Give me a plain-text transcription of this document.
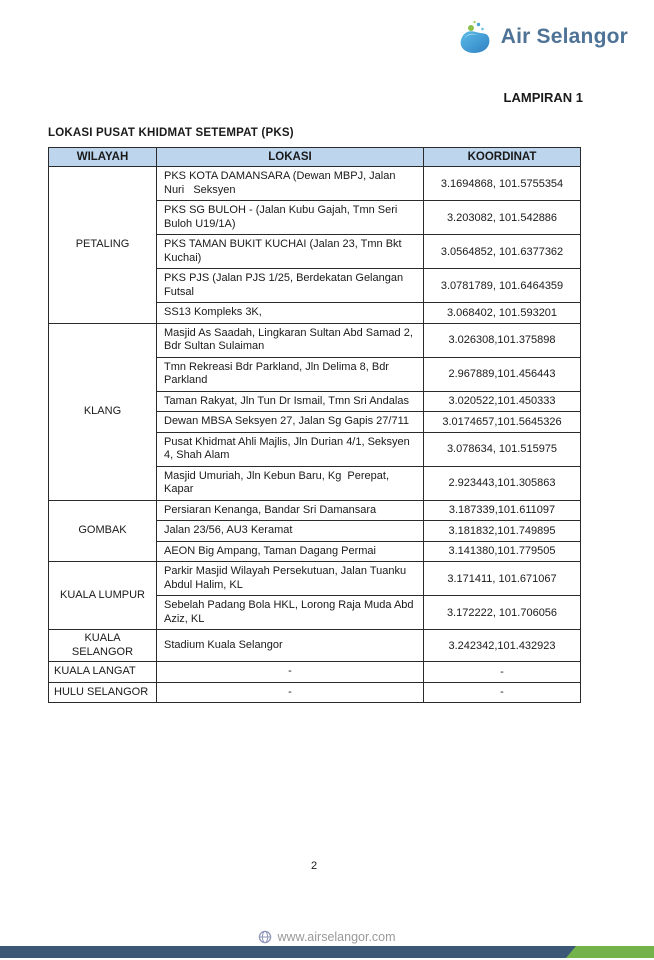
Air Selangor
LAMPIRAN 1
LOKASI PUSAT KHIDMAT SETEMPAT (PKS)
WILAYAH	LOKASI	KOORDINAT
PETALING	PKS KOTA DAMANSARA (Dewan MBPJ, Jalan Nuri   Seksyen	3.1694868, 101.5755354
	PKS SG BULOH - (Jalan Kubu Gajah, Tmn Seri Buloh U19/1A)	3.203082, 101.542886
	PKS TAMAN BUKIT KUCHAI (Jalan 23, Tmn Bkt Kuchai)	3.0564852, 101.6377362
	PKS PJS (Jalan PJS 1/25, Berdekatan Gelangan Futsal	3.0781789, 101.6464359
	SS13 Kompleks 3K,	3.068402, 101.593201
KLANG	Masjid As Saadah, Lingkaran Sultan Abd Samad 2, Bdr Sultan Sulaiman	3.026308,101.375898
	Tmn Rekreasi Bdr Parkland, Jln Delima 8, Bdr Parkland	2.967889,101.456443
	Taman Rakyat, Jln Tun Dr Ismail, Tmn Sri Andalas	3.020522,101.450333
	Dewan MBSA Seksyen 27, Jalan Sg Gapis 27/711	3.0174657,101.5645326
	Pusat Khidmat Ahli Majlis, Jln Durian 4/1, Seksyen 4, Shah Alam	3.078634, 101.515975
	Masjid Umuriah, Jln Kebun Baru, Kg  Perepat, Kapar	2.923443,101.305863
GOMBAK	Persiaran Kenanga, Bandar Sri Damansara	3.187339,101.611097
	Jalan 23/56, AU3 Keramat	3.181832,101.749895
	AEON Big Ampang, Taman Dagang Permai	3.141380,101.779505
KUALA LUMPUR	Parkir Masjid Wilayah Persekutuan, Jalan Tuanku Abdul Halim, KL	3.171411, 101.671067
	Sebelah Padang Bola HKL, Lorong Raja Muda Abd Aziz, KL	3.172222, 101.706056
KUALA SELANGOR	Stadium Kuala Selangor	3.242342,101.432923
KUALA LANGAT	-	-
HULU SELANGOR	-	-
2
www.airselangor.com
